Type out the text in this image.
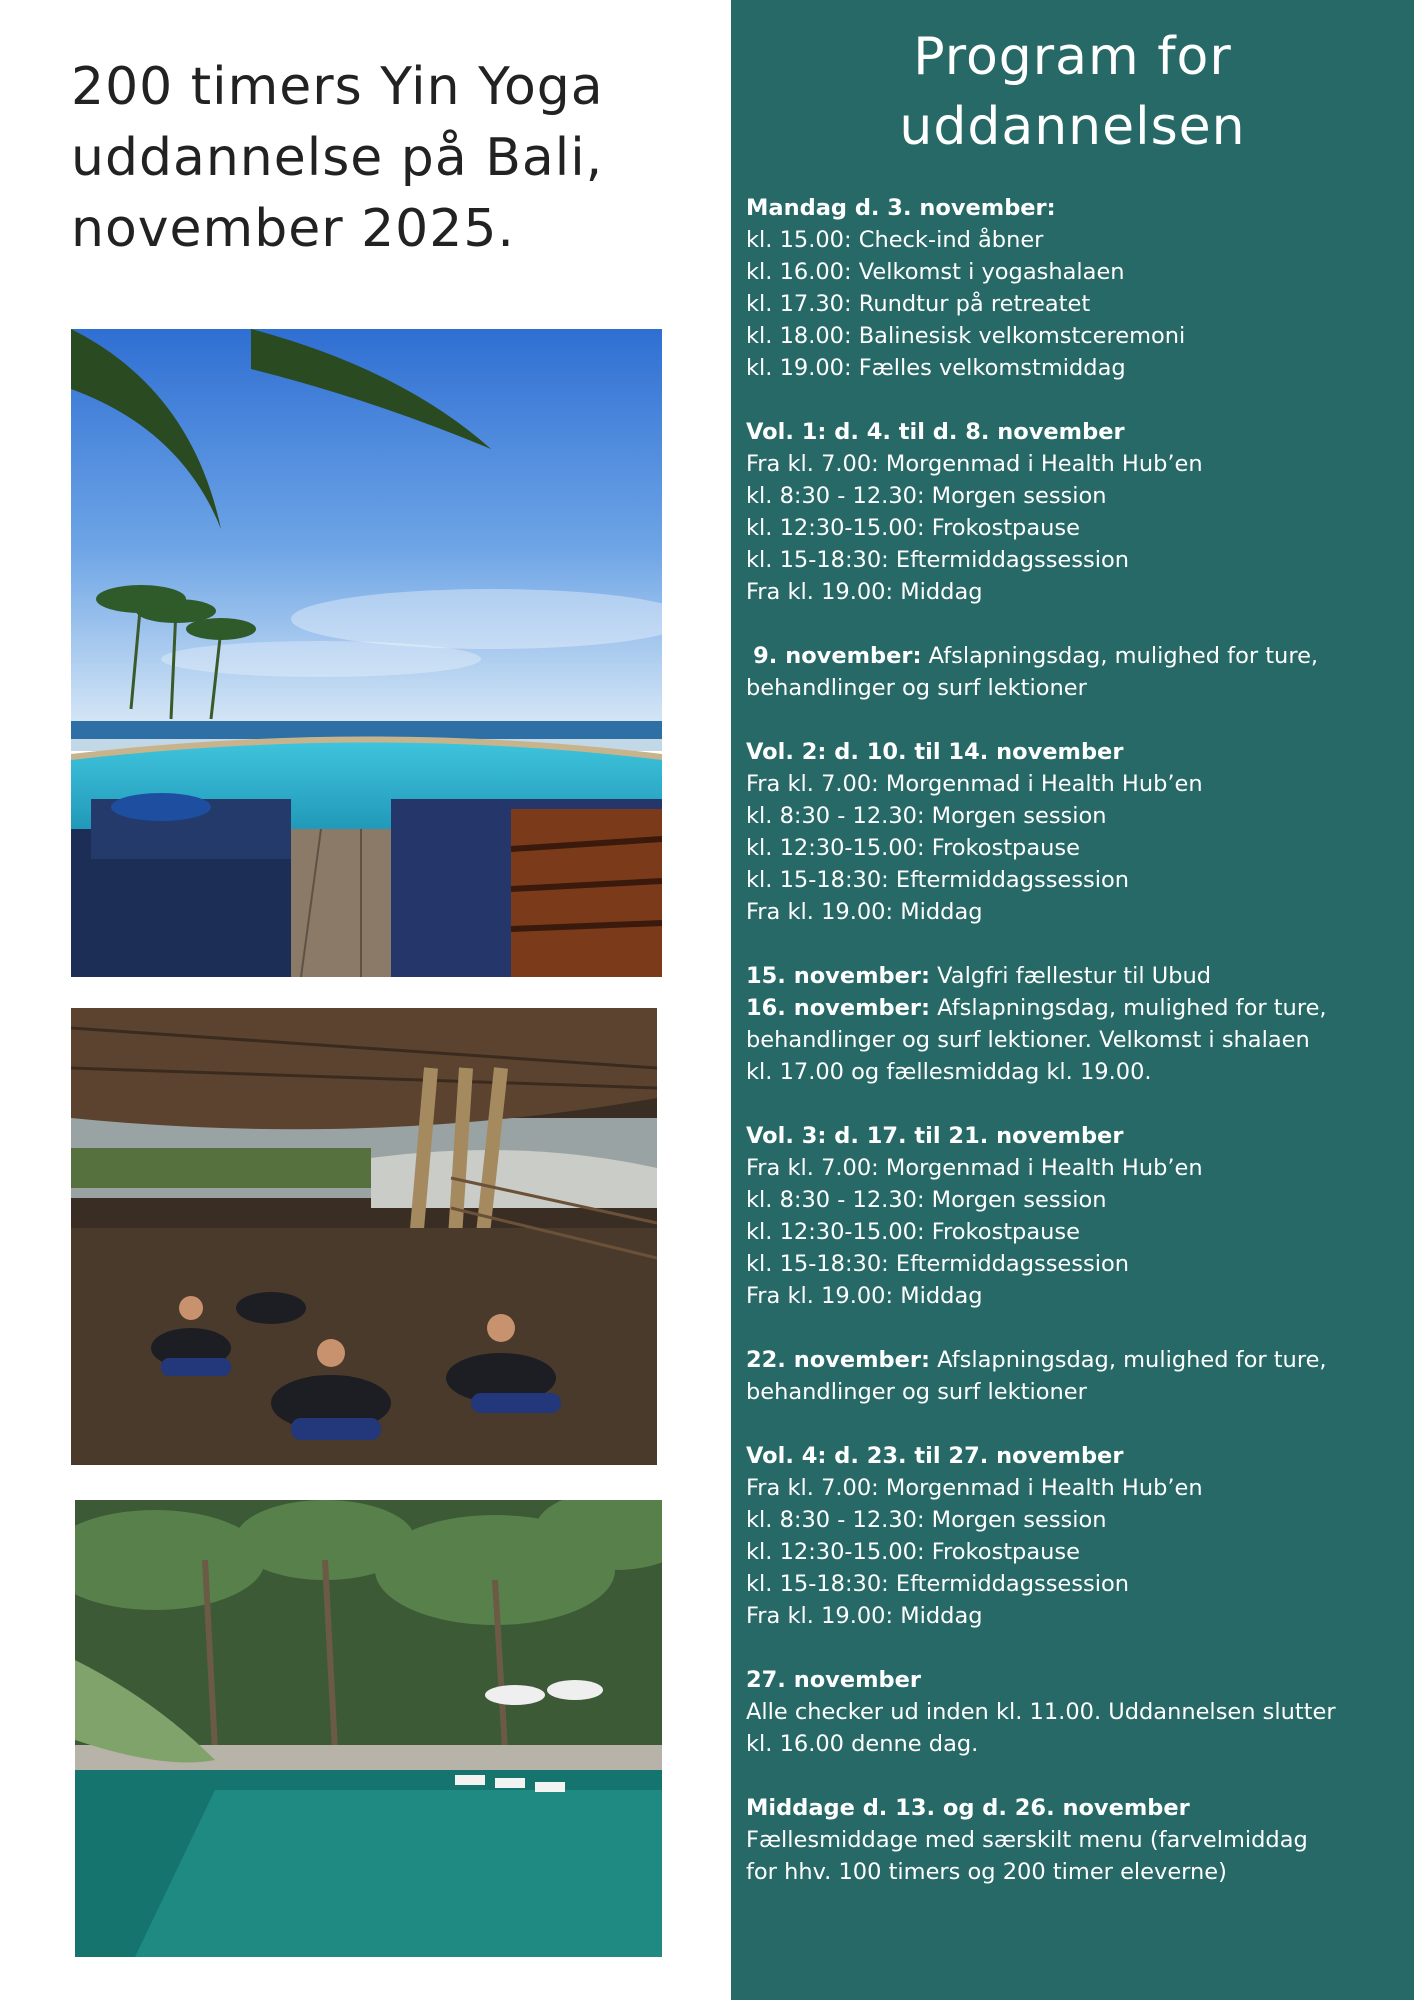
200 timers Yin Yoga
uddannelse på Bali,
november 2025.
Program for
uddannelsen
Mandag d. 3. november:
kl. 15.00: Check-ind åbner
kl. 16.00: Velkomst i yogashalaen
kl. 17.30: Rundtur på retreatet
kl. 18.00: Balinesisk velkomstceremoni
kl. 19.00: Fælles velkomstmiddag
Vol. 1: d. 4. til d. 8. november
Fra kl. 7.00: Morgenmad i Health Hub’en
kl. 8:30 - 12.30: Morgen session
kl. 12:30-15.00: Frokostpause
kl. 15-18:30: Eftermiddagssession
Fra kl. 19.00: Middag
9. november: Afslapningsdag, mulighed for ture,
behandlinger og surf lektioner
Vol. 2: d. 10. til 14. november
Fra kl. 7.00: Morgenmad i Health Hub’en
kl. 8:30 - 12.30: Morgen session
kl. 12:30-15.00: Frokostpause
kl. 15-18:30: Eftermiddagssession
Fra kl. 19.00: Middag
15. november: Valgfri fællestur til Ubud
16. november: Afslapningsdag, mulighed for ture,
behandlinger og surf lektioner. Velkomst i shalaen
kl. 17.00 og fællesmiddag kl. 19.00.
Vol. 3: d. 17. til 21. november
Fra kl. 7.00: Morgenmad i Health Hub’en
kl. 8:30 - 12.30: Morgen session
kl. 12:30-15.00: Frokostpause
kl. 15-18:30: Eftermiddagssession
Fra kl. 19.00: Middag
22. november: Afslapningsdag, mulighed for ture,
behandlinger og surf lektioner
Vol. 4: d. 23. til 27. november
Fra kl. 7.00: Morgenmad i Health Hub’en
kl. 8:30 - 12.30: Morgen session
kl. 12:30-15.00: Frokostpause
kl. 15-18:30: Eftermiddagssession
Fra kl. 19.00: Middag
27. november
Alle checker ud inden kl. 11.00. Uddannelsen slutter
kl. 16.00 denne dag.
Middage d. 13. og d. 26. november
Fællesmiddage med særskilt menu (farvelmiddag
for hhv. 100 timers og 200 timer eleverne)
